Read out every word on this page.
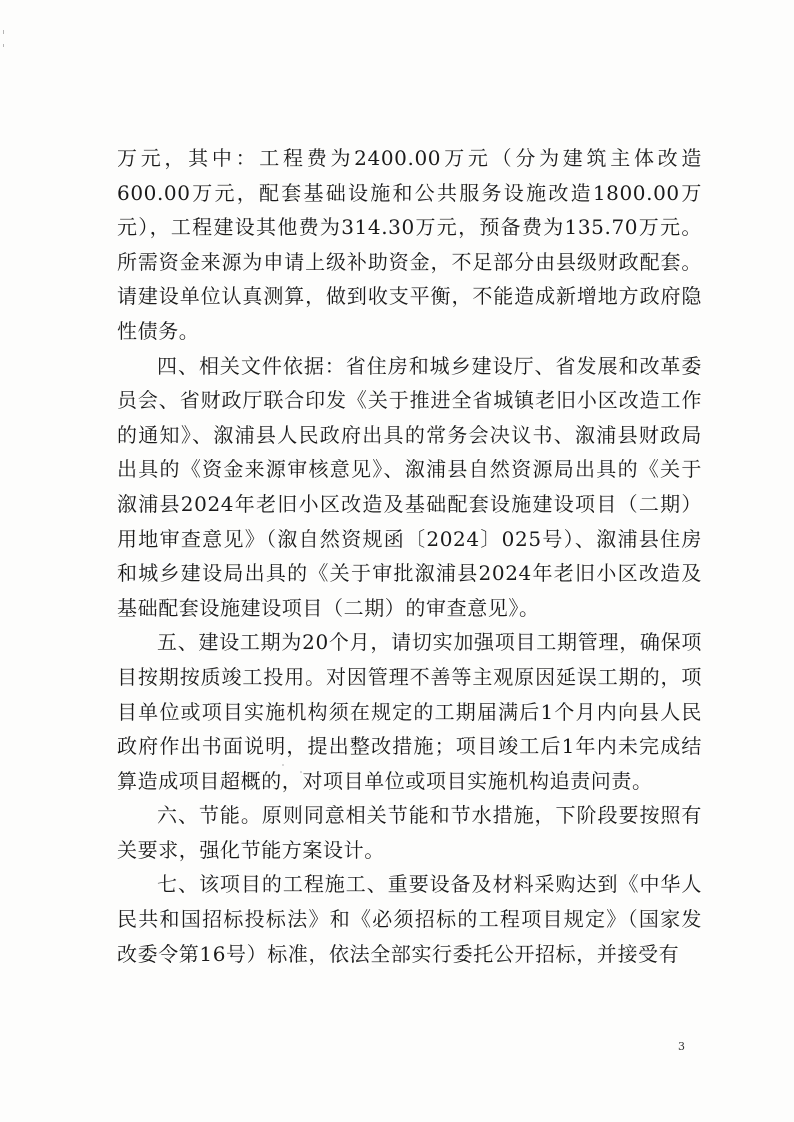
万元，其中：工程费为2400.00万元（分为建筑主体改造600.00万元，配套基础设施和公共服务设施改造1800.00万元），工程建设其他费为314.30万元，预备费为135.70万元。所需资金来源为申请上级补助资金，不足部分由县级财政配套。请建设单位认真测算，做到收支平衡，不能造成新增地方政府隐性债务。

四、相关文件依据：省住房和城乡建设厅、省发展和改革委员会、省财政厅联合印发《关于推进全省城镇老旧小区改造工作的通知》、溆浦县人民政府出具的常务会决议书、溆浦县财政局出具的《资金来源审核意见》、溆浦县自然资源局出具的《关于溆浦县2024年老旧小区改造及基础配套设施建设项目（二期）用地审查意见》（溆自然资规函〔2024〕025号）、溆浦县住房和城乡建设局出具的《关于审批溆浦县2024年老旧小区改造及基础配套设施建设项目（二期）的审查意见》。

五、建设工期为20个月，请切实加强项目工期管理，确保项目按期按质竣工投用。对因管理不善等主观原因延误工期的，项目单位或项目实施机构须在规定的工期届满后1个月内向县人民政府作出书面说明，提出整改措施；项目竣工后1年内未完成结算造成项目超概的，对项目单位或项目实施机构追责问责。

六、节能。原则同意相关节能和节水措施，下阶段要按照有关要求，强化节能方案设计。

七、该项目的工程施工、重要设备及材料采购达到《中华人民共和国招标投标法》和《必须招标的工程项目规定》（国家发改委令第16号）标准，依法全部实行委托公开招标，并接受有

3
